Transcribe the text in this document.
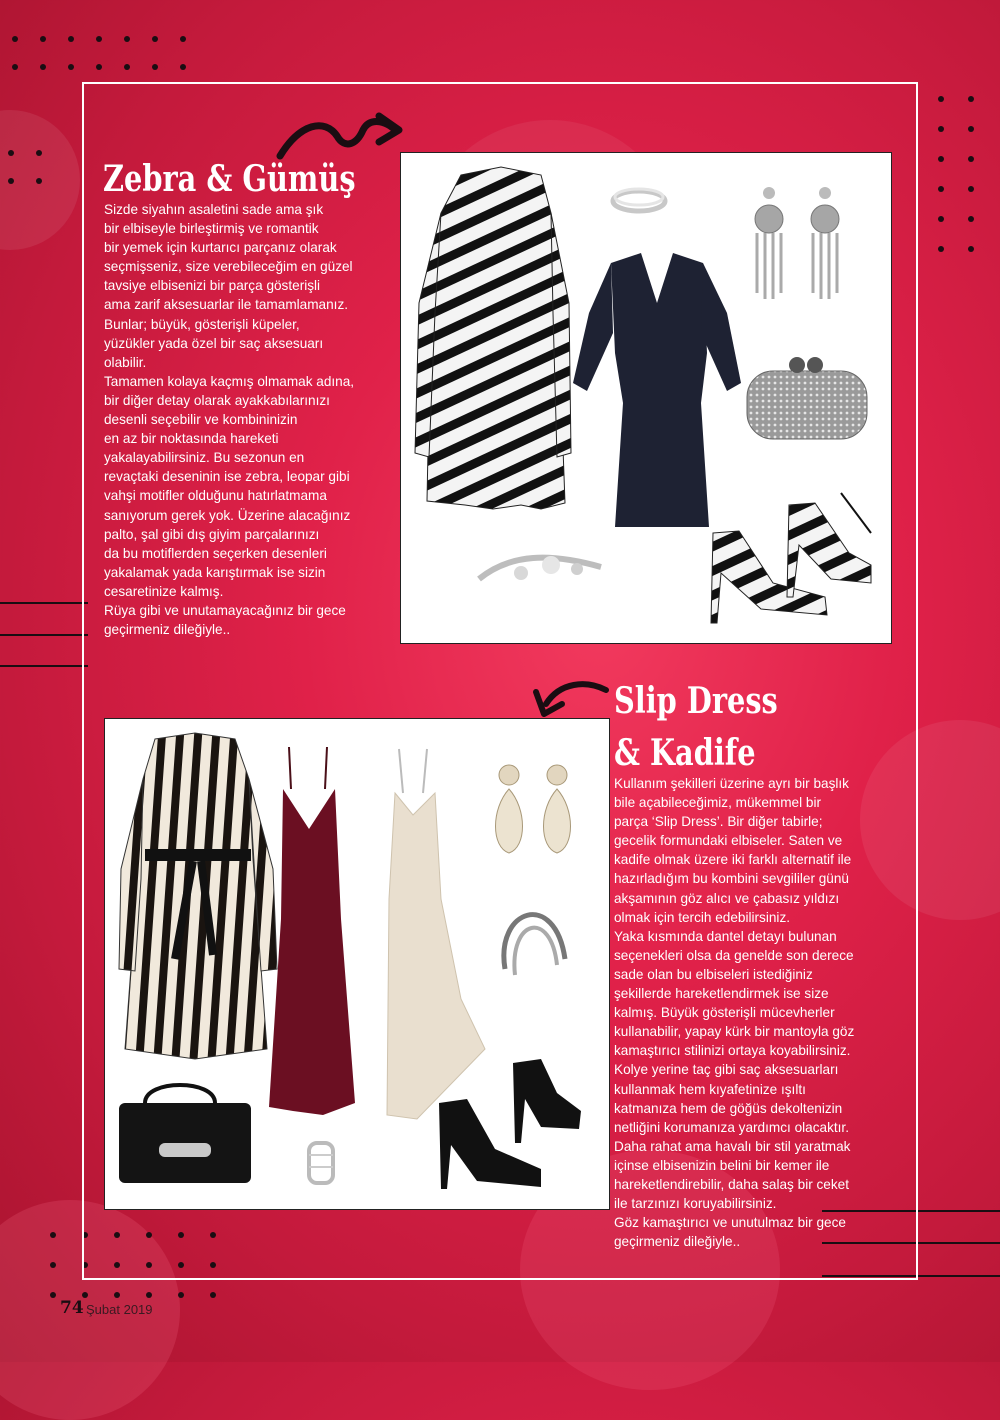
Zebra & Gümüş

Sizde siyahın asaletini sade ama şık
bir elbiseyle birleştirmiş ve romantik
bir yemek için kurtarıcı parçanız olarak
seçmişseniz, size verebileceğim en güzel
tavsiye elbisenizi bir parça gösterişli
ama zarif aksesuarlar ile tamamlamanız.
Bunlar; büyük, gösterişli küpeler,
yüzükler yada özel bir saç aksesuarı
olabilir.
Tamamen kolaya kaçmış olmamak adına,
bir diğer detay olarak ayakkabılarınızı
desenli seçebilir ve kombininizin
en az bir noktasında hareketi
yakalayabilirsiniz. Bu sezonun en
revaçtaki deseninin ise zebra, leopar gibi
vahşi motifler olduğunu hatırlatmama
sanıyorum gerek yok. Üzerine alacağınız
palto, şal gibi dış giyim parçalarınızı
da bu motiflerden seçerken desenleri
yakalamak yada karıştırmak ise sizin
cesaretinize kalmış.
Rüya gibi ve unutamayacağınız bir gece
geçirmeniz dileğiyle..

Slip Dress
& Kadife

Kullanım şekilleri üzerine ayrı bir başlık
bile açabileceğimiz, mükemmel bir
parça ‘Slip Dress’. Bir diğer tabirle;
gecelik formundaki elbiseler. Saten ve
kadife olmak üzere iki farklı alternatif ile
hazırladığım bu kombini sevgililer günü
akşamının göz alıcı ve çabasız yıldızı
olmak için tercih edebilirsiniz.
Yaka kısmında dantel detayı bulunan
seçenekleri olsa da genelde son derece
sade olan bu elbiseleri istediğiniz
şekillerde hareketlendirmek ise size
kalmış. Büyük gösterişli mücevherler
kullanabilir, yapay kürk bir mantoyla göz
kamaştırıcı stilinizi ortaya koyabilirsiniz.
Kolye yerine taç gibi saç aksesuarları
kullanmak hem kıyafetinize ışıltı
katmanıza hem de göğüs dekoltenizin
netliğini korumanıza yardımcı olacaktır.
Daha rahat ama havalı bir stil yaratmak
içinse elbisenizin belini bir kemer ile
hareketlendirebilir, daha salaş bir ceket
ile tarzınızı koruyabilirsiniz.
Göz kamaştırıcı ve unutulmaz bir gece
geçirmeniz dileğiyle..

74 Şubat 2019
